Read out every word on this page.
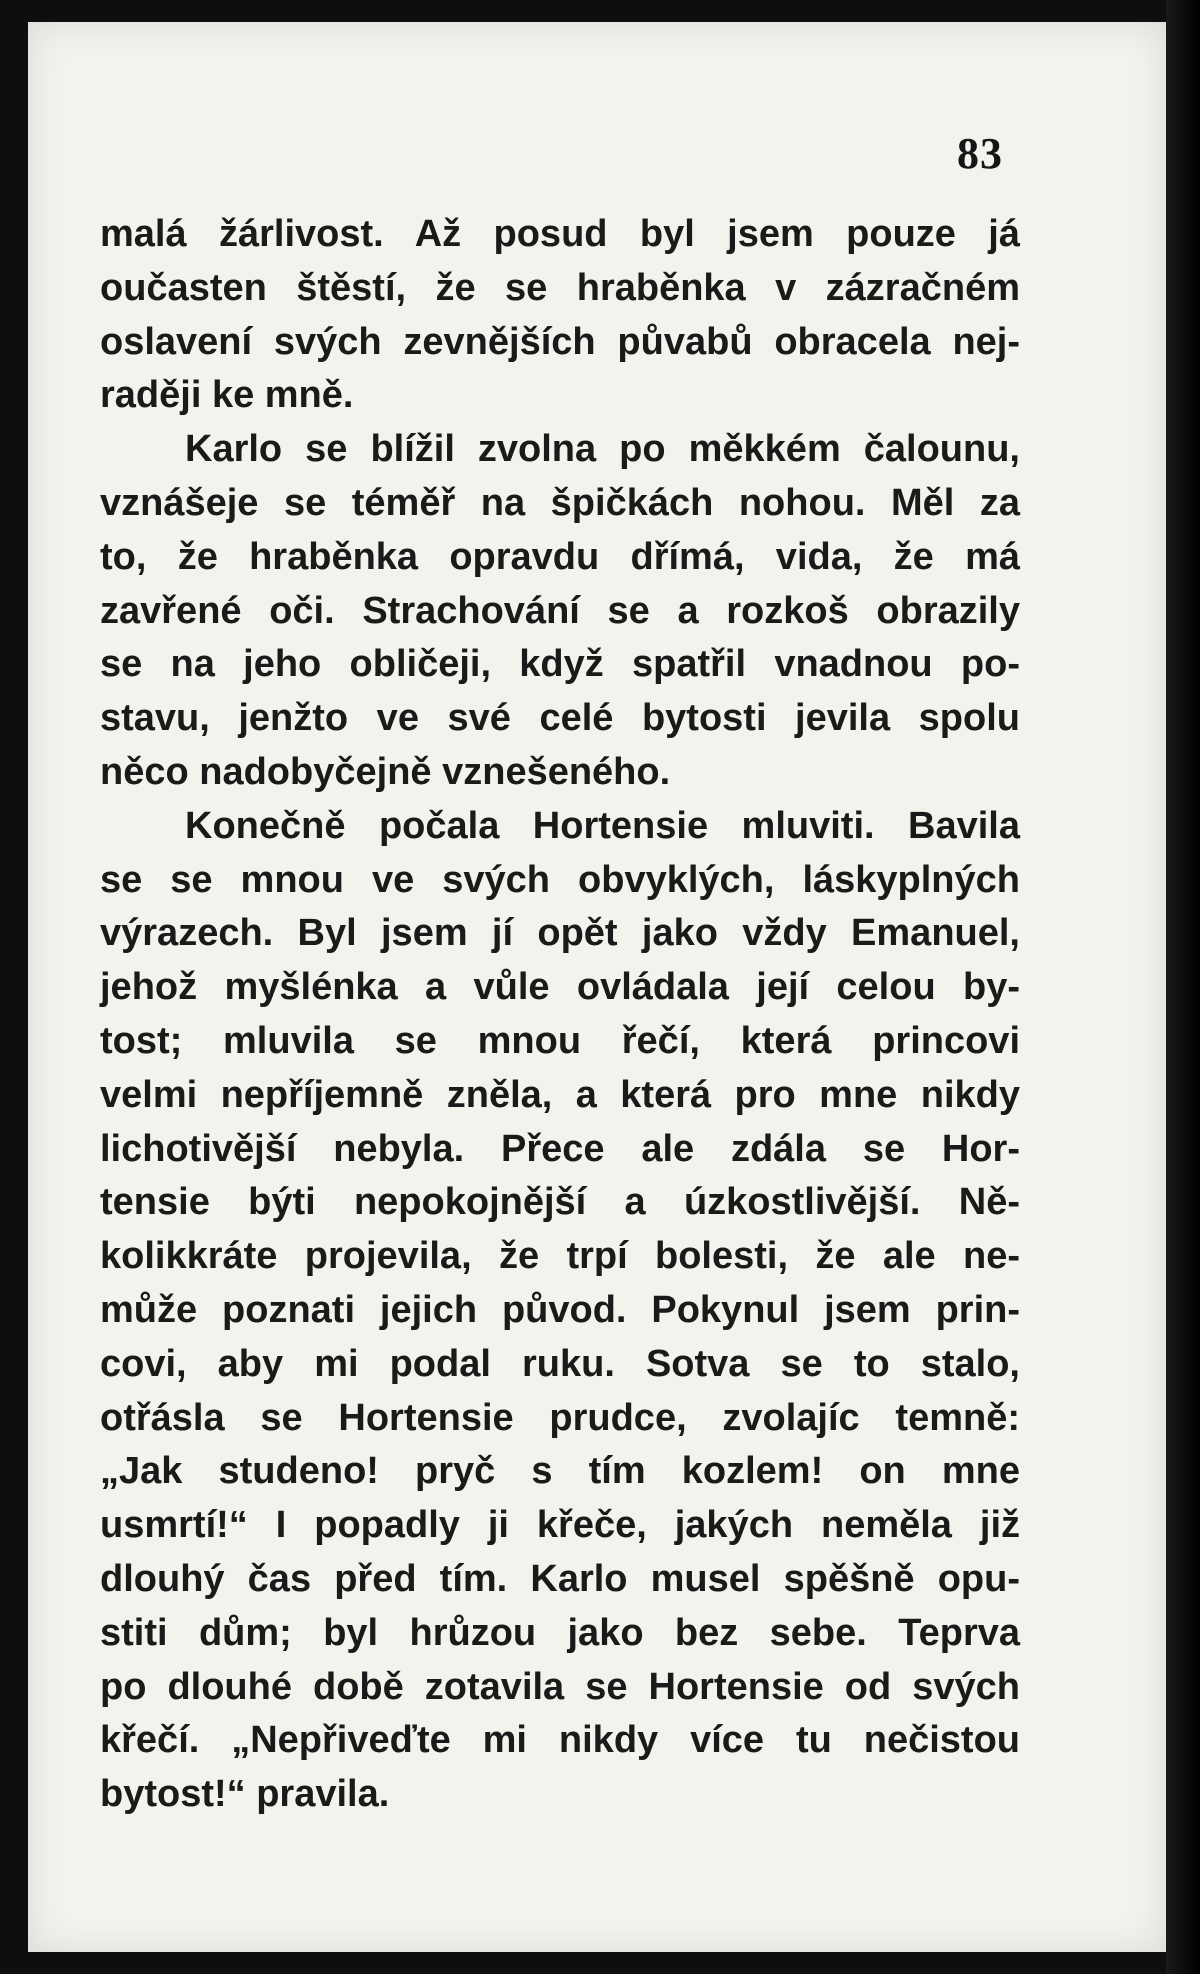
83
malá žárlivost. Až posud byl jsem pouze já
oučasten štěstí, že se hraběnka v zázračném
oslavení svých zevnějších půvabů obracela nej-
raději ke mně.
Karlo se blížil zvolna po měkkém čalounu,
vznášeje se téměř na špičkách nohou. Měl za
to, že hraběnka opravdu dřímá, vida, že má
zavřené oči. Strachování se a rozkoš obrazily
se na jeho obličeji, když spatřil vnadnou po-
stavu, jenžto ve své celé bytosti jevila spolu
něco nadobyčejně vznešeného.
Konečně počala Hortensie mluviti. Bavila
se se mnou ve svých obvyklých, láskyplných
výrazech. Byl jsem jí opět jako vždy Emanuel,
jehož myšlénka a vůle ovládala její celou by-
tost; mluvila se mnou řečí, která princovi
velmi nepříjemně zněla, a která pro mne nikdy
lichotivější nebyla. Přece ale zdála se Hor-
tensie býti nepokojnější a úzkostlivější. Ně-
kolikkráte projevila, že trpí bolesti, že ale ne-
může poznati jejich původ. Pokynul jsem prin-
covi, aby mi podal ruku. Sotva se to stalo,
otřásla se Hortensie prudce, zvolajíc temně:
„Jak studeno! pryč s tím kozlem! on mne
usmrtí!“ I popadly ji křeče, jakých neměla již
dlouhý čas před tím. Karlo musel spěšně opu-
stiti dům; byl hrůzou jako bez sebe. Teprva
po dlouhé době zotavila se Hortensie od svých
křečí. „Nepřiveďte mi nikdy více tu nečistou
bytost!“ pravila.
